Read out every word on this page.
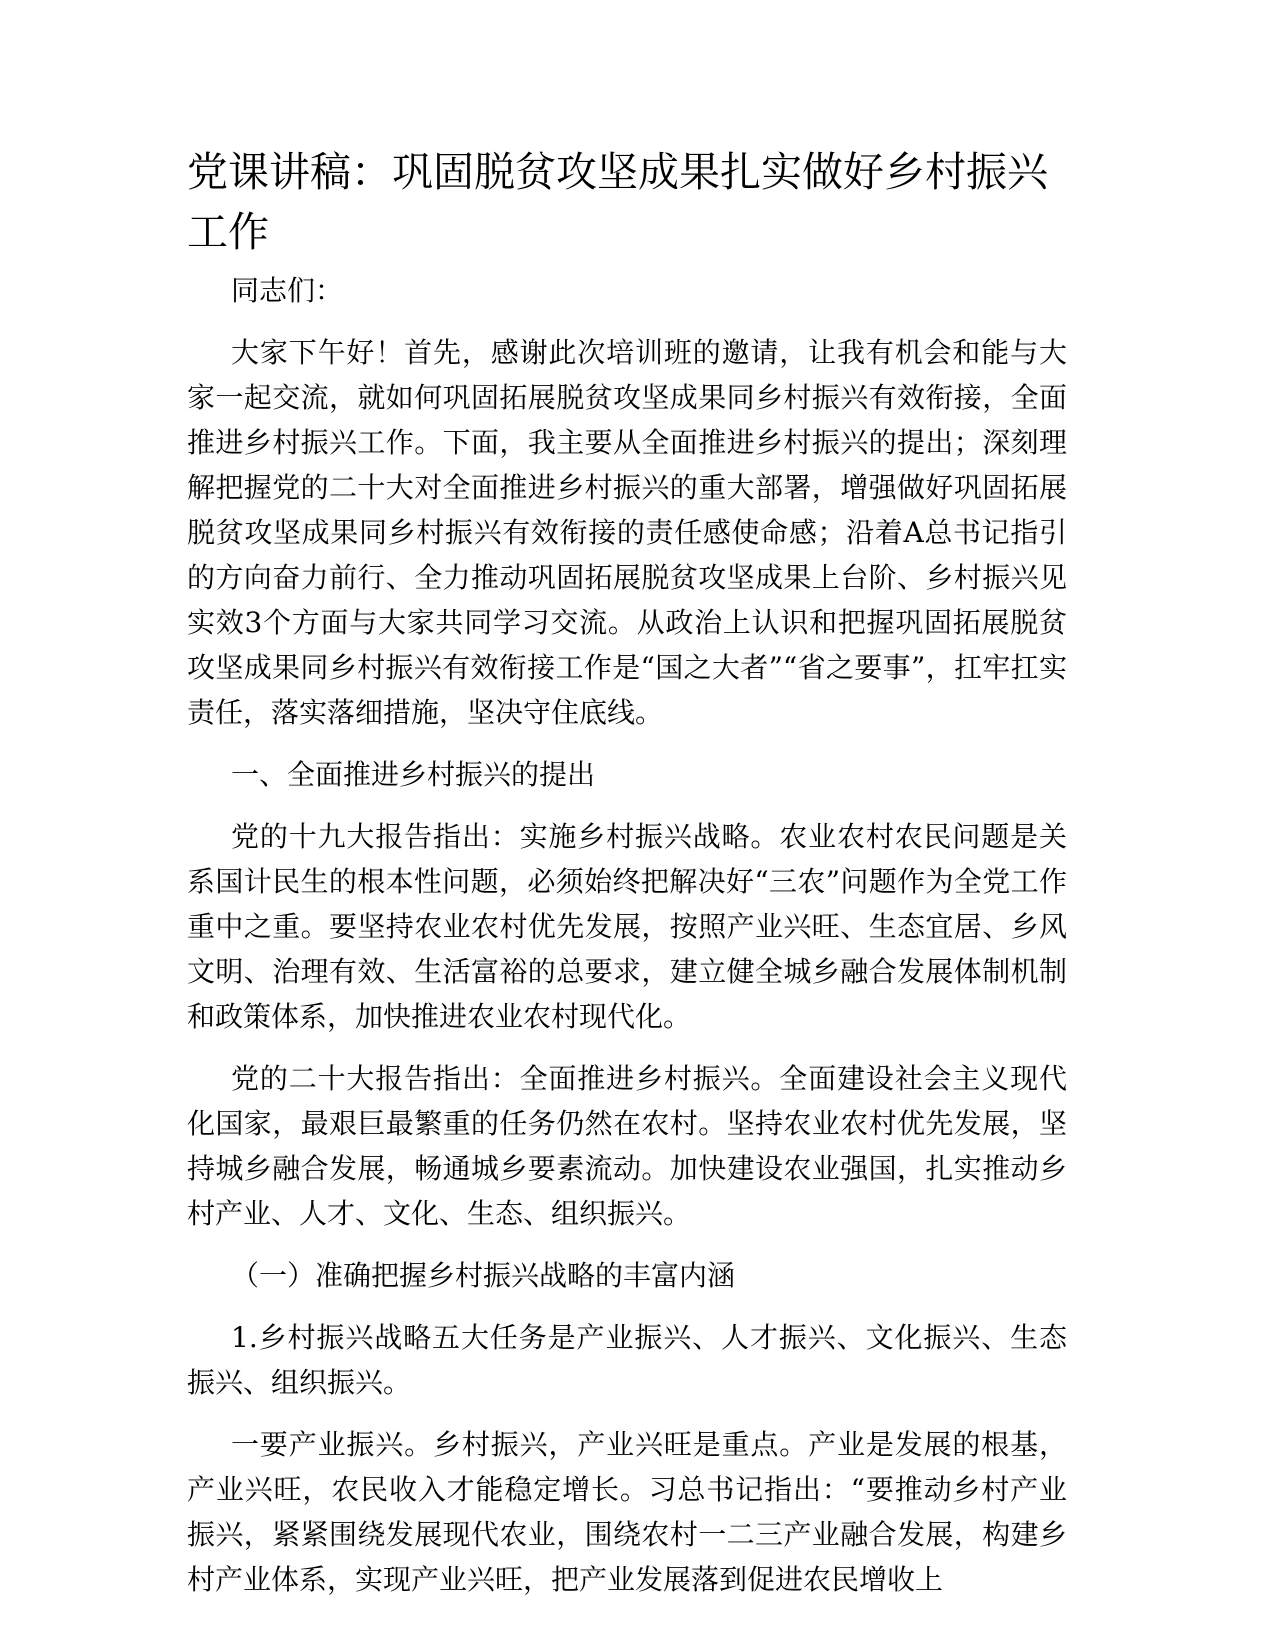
党课讲稿：巩固脱贫攻坚成果扎实做好乡村振兴工作

同志们：

大家下午好！首先，感谢此次培训班的邀请，让我有机会和能与大家一起交流，就如何巩固拓展脱贫攻坚成果同乡村振兴有效衔接，全面推进乡村振兴工作。下面，我主要从全面推进乡村振兴的提出；深刻理解把握党的二十大对全面推进乡村振兴的重大部署，增强做好巩固拓展脱贫攻坚成果同乡村振兴有效衔接的责任感使命感；沿着A总书记指引的方向奋力前行、全力推动巩固拓展脱贫攻坚成果上台阶、乡村振兴见实效3个方面与大家共同学习交流。从政治上认识和把握巩固拓展脱贫攻坚成果同乡村振兴有效衔接工作是“国之大者”“省之要事”，扛牢扛实责任，落实落细措施，坚决守住底线。

一、全面推进乡村振兴的提出

党的十九大报告指出：实施乡村振兴战略。农业农村农民问题是关系国计民生的根本性问题，必须始终把解决好“三农”问题作为全党工作重中之重。要坚持农业农村优先发展，按照产业兴旺、生态宜居、乡风文明、治理有效、生活富裕的总要求，建立健全城乡融合发展体制机制和政策体系，加快推进农业农村现代化。

党的二十大报告指出：全面推进乡村振兴。全面建设社会主义现代化国家，最艰巨最繁重的任务仍然在农村。坚持农业农村优先发展，坚持城乡融合发展，畅通城乡要素流动。加快建设农业强国，扎实推动乡村产业、人才、文化、生态、组织振兴。

（一）准确把握乡村振兴战略的丰富内涵

1.乡村振兴战略五大任务是产业振兴、人才振兴、文化振兴、生态振兴、组织振兴。

一要产业振兴。乡村振兴，产业兴旺是重点。产业是发展的根基，产业兴旺，农民收入才能稳定增长。习总书记指出：“要推动乡村产业振兴，紧紧围绕发展现代农业，围绕农村一二三产业融合发展，构建乡村产业体系，实现产业兴旺，把产业发展落到促进农民增收上
